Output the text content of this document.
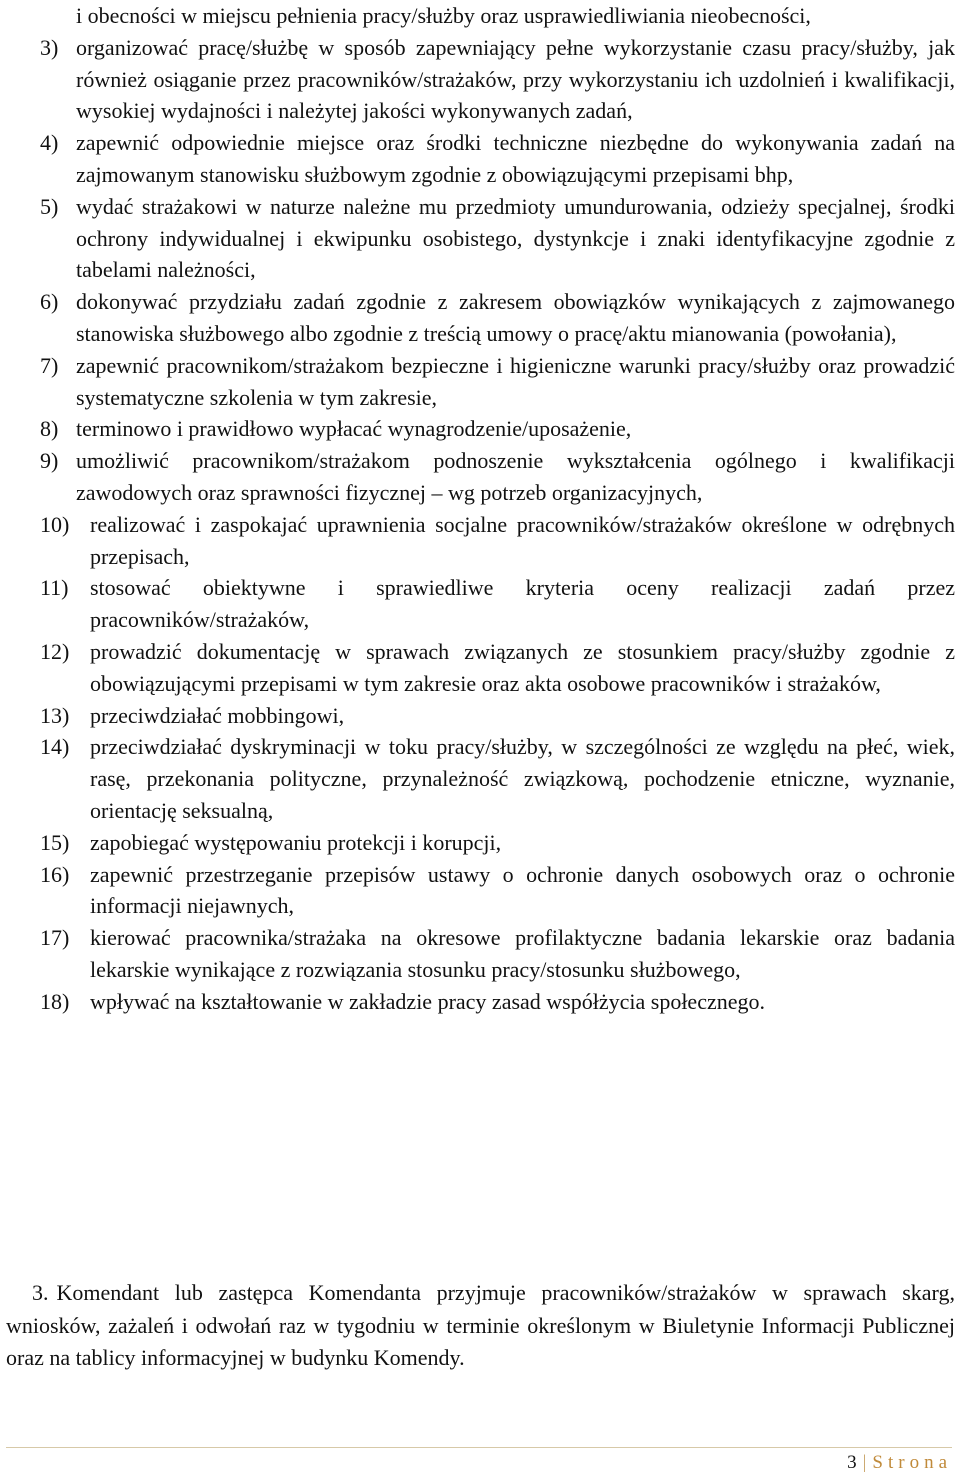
i obecności w miejscu pełnienia pracy/służby oraz usprawiedliwiania nieobecności,
3) organizować pracę/służbę w sposób zapewniający pełne wykorzystanie czasu pracy/służby, jak również osiąganie przez pracowników/strażaków, przy wykorzystaniu ich uzdolnień i kwalifikacji, wysokiej wydajności i należytej jakości wykonywanych zadań,
4) zapewnić odpowiednie miejsce oraz środki techniczne niezbędne do wykonywania zadań na zajmowanym stanowisku służbowym zgodnie z obowiązującymi przepisami bhp,
5) wydać strażakowi w naturze należne mu przedmioty umundurowania, odzieży specjalnej, środki ochrony indywidualnej i ekwipunku osobistego, dystynkcje i znaki identyfikacyjne zgodnie z tabelami należności,
6) dokonywać przydziału zadań zgodnie z zakresem obowiązków wynikających z zajmowanego stanowiska służbowego albo zgodnie z treścią umowy o pracę/aktu mianowania (powołania),
7) zapewnić pracownikom/strażakom bezpieczne i higieniczne warunki pracy/służby oraz prowadzić systematyczne szkolenia w tym zakresie,
8) terminowo i prawidłowo wypłacać wynagrodzenie/uposażenie,
9) umożliwić pracownikom/strażakom podnoszenie wykształcenia ogólnego i kwalifikacji zawodowych oraz sprawności fizycznej – wg potrzeb organizacyjnych,
10) realizować i zaspokajać uprawnienia socjalne pracowników/strażaków określone w odrębnych przepisach,
11) stosować obiektywne i sprawiedliwe kryteria oceny realizacji zadań przez pracowników/strażaków,
12) prowadzić dokumentację w sprawach związanych ze stosunkiem pracy/służby zgodnie z obowiązującymi przepisami w tym zakresie oraz akta osobowe pracowników i strażaków,
13) przeciwdziałać mobbingowi,
14) przeciwdziałać dyskryminacji w toku pracy/służby, w szczególności ze względu na płeć, wiek, rasę, przekonania polityczne, przynależność związkową, pochodzenie etniczne, wyznanie, orientację seksualną,
15) zapobiegać występowaniu protekcji i korupcji,
16) zapewnić przestrzeganie przepisów ustawy o ochronie danych osobowych oraz o ochronie informacji niejawnych,
17) kierować pracownika/strażaka na okresowe profilaktyczne badania lekarskie oraz badania lekarskie wynikające z rozwiązania stosunku pracy/stosunku służbowego,
18) wpływać na kształtowanie w zakładzie pracy zasad współżycia społecznego.
3. Komendant lub zastępca Komendanta przyjmuje pracowników/strażaków w sprawach skarg, wniosków, zażaleń i odwołań raz w tygodniu w terminie określonym w Biuletynie Informacji Publicznej oraz na tablicy informacyjnej w budynku Komendy.
3 | Strona
